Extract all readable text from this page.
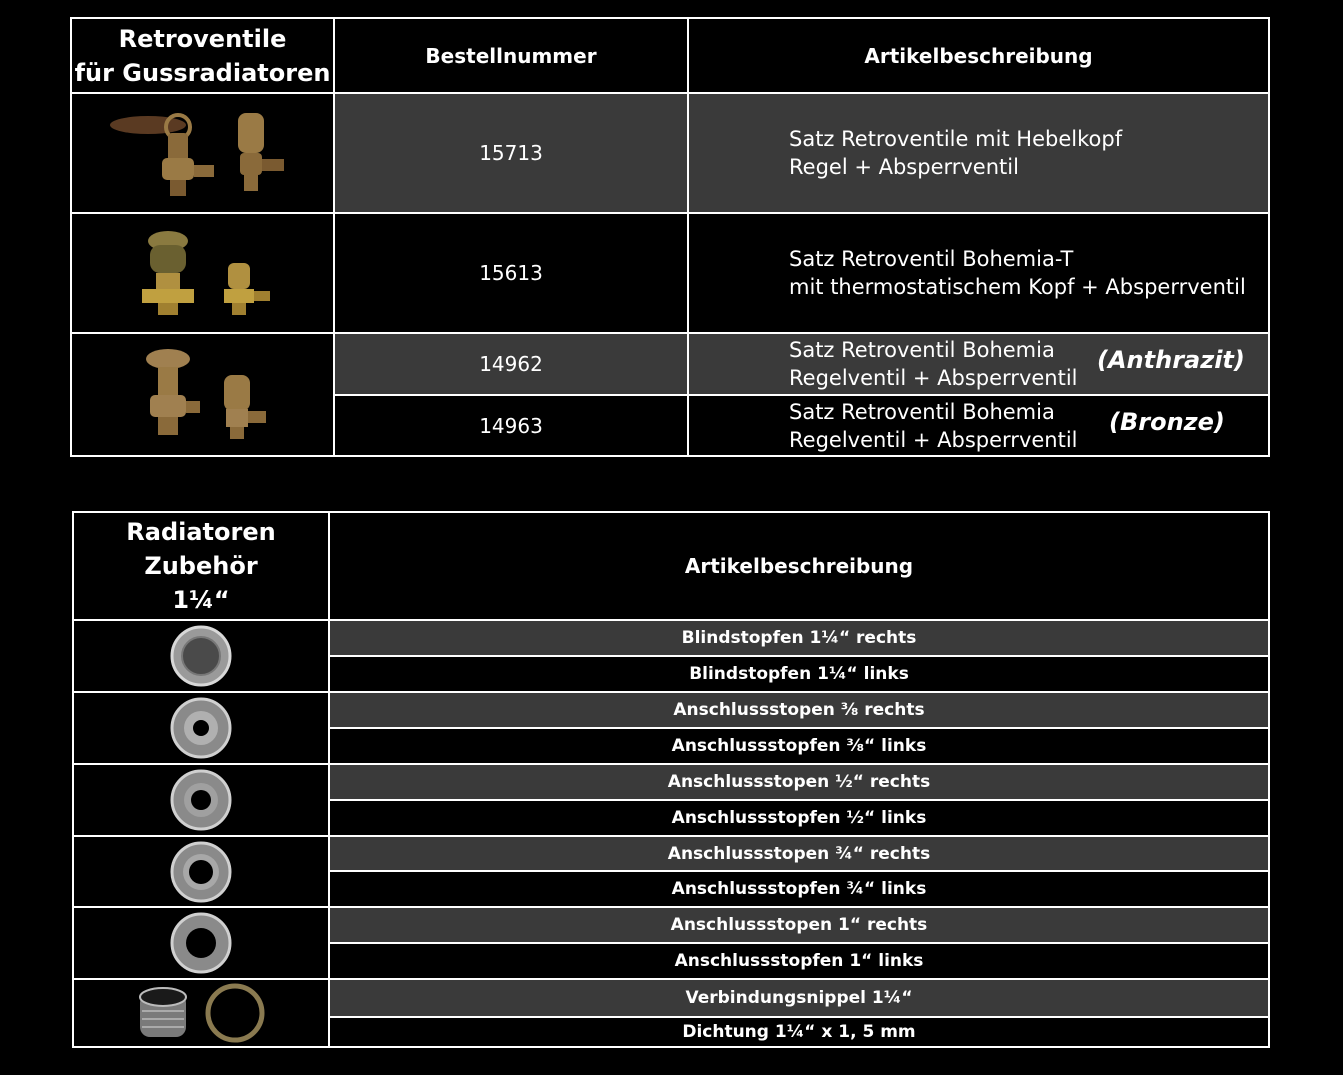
Retroventile
für Gussradiatoren
Bestellnummer	Artikelbeschreibung
15713
Satz Retroventile mit Hebelkopf
Regel + Absperrventil
15613
Satz Retroventil Bohemia-T
mit thermostatischem Kopf + Absperrventil
14962
Satz Retroventil Bohemia
Regelventil + Absperrventil
(Anthrazit)
14963
Satz Retroventil Bohemia
Regelventil + Absperrventil
(Bronze)
Radiatoren
Zubehör
1¼“
Artikelbeschreibung
Blindstopfen 1¼“ rechts
Blindstopfen 1¼“ links
Anschlussstopen ⅜ rechts
Anschlussstopfen ⅜“ links
Anschlussstopen ½“ rechts
Anschlussstopfen ½“ links
Anschlussstopen ¾“ rechts
Anschlussstopfen ¾“ links
Anschlussstopen 1“ rechts
Anschlussstopfen 1“ links
Verbindungsnippel 1¼“
Dichtung 1¼“ x 1, 5 mm
